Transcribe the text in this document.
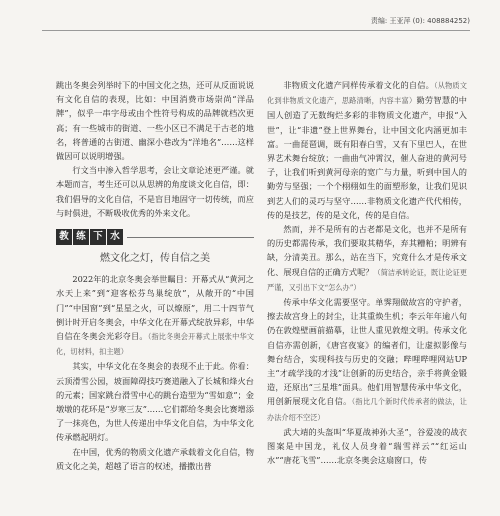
责编: 王亚萍 (0): 408884252)

跳出冬奥会列举时下的中国文化之热，还可从反面说说有文化自信的表现，比如：中国消费市场崇尚“洋品牌”，似乎一串字母或由个性符号构成的品牌就档次更高；有一些城市的街道、一些小区已不满足于古老的地名，将普通的古街道、幽深小巷改为“洋地名”……这样做因可以说明增强。

行文当中渗入哲学思考，会让文章论述更严谨。就本题而言，考生还可以从思辨的角度谈文化自信，即：我们倡导的文化自信，不是盲目地固守一切传统，而应与时俱进，不断吸收优秀的外来文化。

教 练 下 水
燃文化之灯，传自信之美

2022年的北京冬奥会举世瞩目：开幕式从“黄河之水天上来”到“迎客松芬鸟巢绽放”，从敞开的“中国门”“中国窗”到“星星之火，可以燎原”，用二十四节气倒计时开启冬奥会，中华文化在开幕式绽放异彩，中华自信在冬奥会光彩夺目。（指比冬奥会开幕式上展张中华文化，切材料，扣主题）

其实，中华文化在冬奥会的表现不止于此。你看：云顶滑雪公园，坡面障碍技巧赛道融入了长城和烽火台的元素；国家跳台滑雪中心的跳台造型为“雪如意”；金墩墩的花环是“岁寒三友”……它们都给冬奥会比赛增添了一抹亮色，为世人传递出中华文化自信，为中华文化传承燃起明灯。

在中国，优秀的物质文化遗产承载着文化自信，物质文化之美，超越了语言的权述，播撒出普

非物质文化遗产同样传承着文化的自信。（从物质文化到非物质文化遗产，思路清晰，内容丰富）勤劳智慧的中国人创造了无数绚烂多彩的非物质文化遗产，申报“入世”，让“非遗”登上世界舞台，让中国文化内涵更加丰富。一曲琵琶调，既有阳春白雪，又有下里巴人，在世界艺术舞台绽放；一曲曲气冲霄汉，催人奋进的黄河号子，让我们听到黄河母亲的宽广与力量，听到中国人的勤劳与坚强；一个个栩栩如生的面塑形象，让我们见识到艺人们的灵巧与坚守……非物质文化遗产代代相传，传的是技艺，传的是文化，传的是自信。

然而，并不是所有的古老都是文化，也并不是所有的历史都需传承，我们要取其精华，弃其糟粕；明辨有缺，分清美丑。那么，站在当下，究竟什么才是传承文化、展现自信的正确方式呢？（简洁承转论证，既让论证更严谨，又引出下文“怎么办”）

传承中华文化需要坚守。单霁翔做故宫的守护者，擦去故宫身上的封尘，让其重焕生机；李云年年逾八旬仍在敦煌壁画前描摹，让世人重见敦煌文明。传承文化自信亦需创新，《唐宫夜宴》的编者们，让虚拟影像与舞台结合，实现科技与历史的交融；哔哩哔哩网站UP主“才疏学浅的才浅”让创新的历史结合，亲手将黄金锻造，还原出“三星堆”面具。他们用智慧传承中华文化，用创新展现文化自信。（指比几个新时代传承者的做法，让办法介绍不空泛）

武大靖的头盔叫“华夏战神孙大圣”，谷爱凌的战衣图案是中国龙，礼仪人员身着“瑞雪祥云”“红运山水”“唐花飞雪”……北京冬奥会这扇窗口，传
